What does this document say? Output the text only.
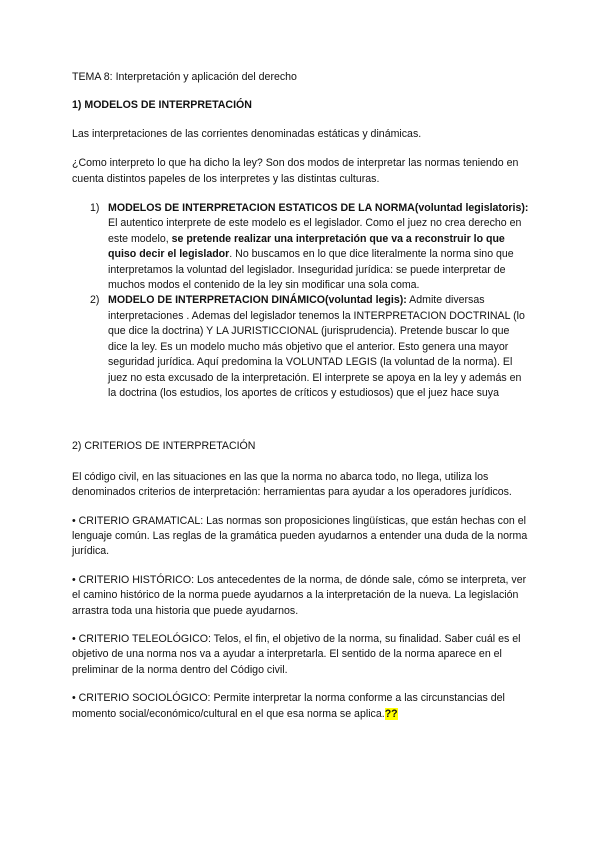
TEMA 8: Interpretación y aplicación del derecho

1) MODELOS DE INTERPRETACIÓN

Las interpretaciones de las corrientes denominadas estáticas y dinámicas.

¿Como interpreto lo que ha dicho la ley? Son dos modos de interpretar las normas teniendo en cuenta distintos papeles de los interpretes y las distintas culturas.

1) MODELOS DE INTERPRETACION ESTATICOS DE LA NORMA(voluntad legislatoris): El autentico interprete de este modelo es el legislador. Como el juez no crea derecho en este modelo, se pretende realizar una interpretación que va a reconstruir lo que quiso decir el legislador. No buscamos en lo que dice literalmente la norma sino que interpretamos la voluntad del legislador. Inseguridad jurídica: se puede interpretar de muchos modos el contenido de la ley sin modificar una sola coma.
2) MODELO DE INTERPRETACION DINÁMICO(voluntad legis): Admite diversas interpretaciones . Ademas del legislador tenemos la INTERPRETACION DOCTRINAL (lo que dice la doctrina) Y LA JURISTICCIONAL (jurisprudencia). Pretende buscar lo que dice la ley. Es un modelo mucho más objetivo que el anterior. Esto genera una mayor seguridad jurídica. Aquí predomina la VOLUNTAD LEGIS (la voluntad de la norma). El juez no esta excusado de la interpretación. El interprete se apoya en la ley y además en la doctrina (los estudios, los aportes de críticos y estudiosos) que el juez hace suya

2) CRITERIOS DE INTERPRETACIÓN

El código civil, en las situaciones en las que la norma no abarca todo, no llega, utiliza los denominados criterios de interpretación: herramientas para ayudar a los operadores jurídicos.

• CRITERIO GRAMATICAL: Las normas son proposiciones lingüísticas, que están hechas con el lenguaje común. Las reglas de la gramática pueden ayudarnos a entender una duda de la norma jurídica.

• CRITERIO HISTÓRICO: Los antecedentes de la norma, de dónde sale, cómo se interpreta, ver el camino histórico de la norma puede ayudarnos a la interpretación de la nueva. La legislación arrastra toda una historia que puede ayudarnos.

• CRITERIO TELEOLÓGICO: Telos, el fin, el objetivo de la norma, su finalidad. Saber cuál es el objetivo de una norma nos va a ayudar a interpretarla. El sentido de la norma aparece en el preliminar de la norma dentro del Código civil.

• CRITERIO SOCIOLÓGICO: Permite interpretar la norma conforme a las circunstancias del momento social/económico/cultural en el que esa norma se aplica.??
